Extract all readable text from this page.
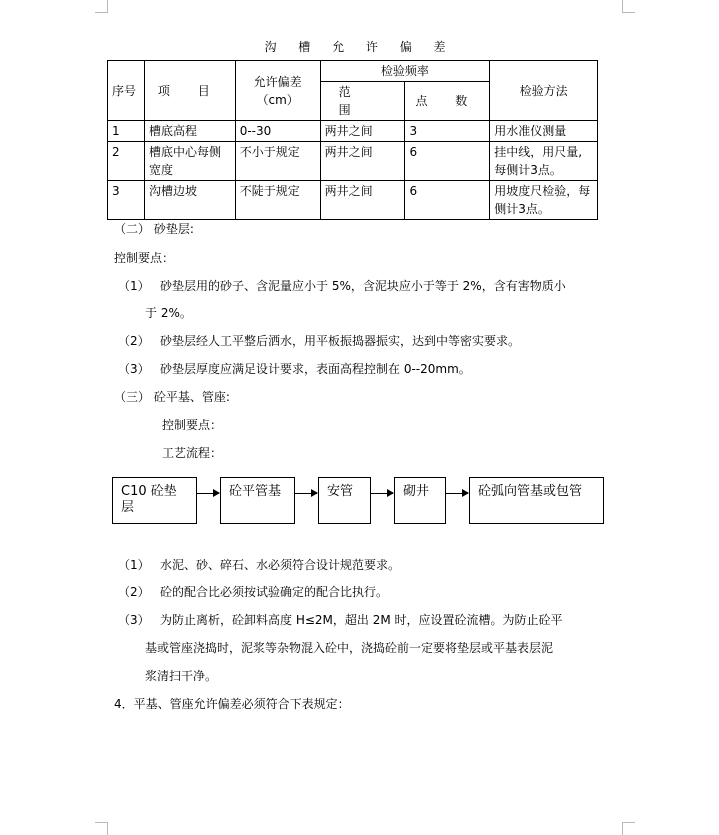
沟 槽 允 许 偏 差
序号	项 目	允许偏差（cm）	检验频率		检验方法
			范 围	点 数	
1	槽底高程	0--30	两井之间	3	用水准仪测量
2	槽底中心每侧宽度	不小于规定	两井之间	6	挂中线，用尺量,每侧计3点。
3	沟槽边坡	不陡于规定	两井之间	6	用坡度尺检验，每侧计3点。
（二） 砂垫层:
控制要点：
（1） 砂垫层用的砂子、含泥量应小于 5%，含泥块应小于等于 2%，含有害物质小
于 2%。
（2） 砂垫层经人工平整后洒水，用平板振捣器振实，达到中等密实要求。
（3） 砂垫层厚度应满足设计要求，表面高程控制在 0--20mm。
（三） 砼平基、管座:
控制要点：
工艺流程：
C10 砼垫层
砼平管基	安管	砌井	砼弧向管基或包管
（1） 水泥、砂、碎石、水必须符合设计规范要求。
（2） 砼的配合比必须按试验确定的配合比执行。
（3） 为防止离析，砼卸料高度 H≤2M，超出 2M 时，应设置砼流槽。为防止砼平
基或管座浇捣时，泥浆等杂物混入砼中，浇捣砼前一定要将垫层或平基表层泥
浆清扫干净。
4．平基、管座允许偏差必须符合下表规定：
